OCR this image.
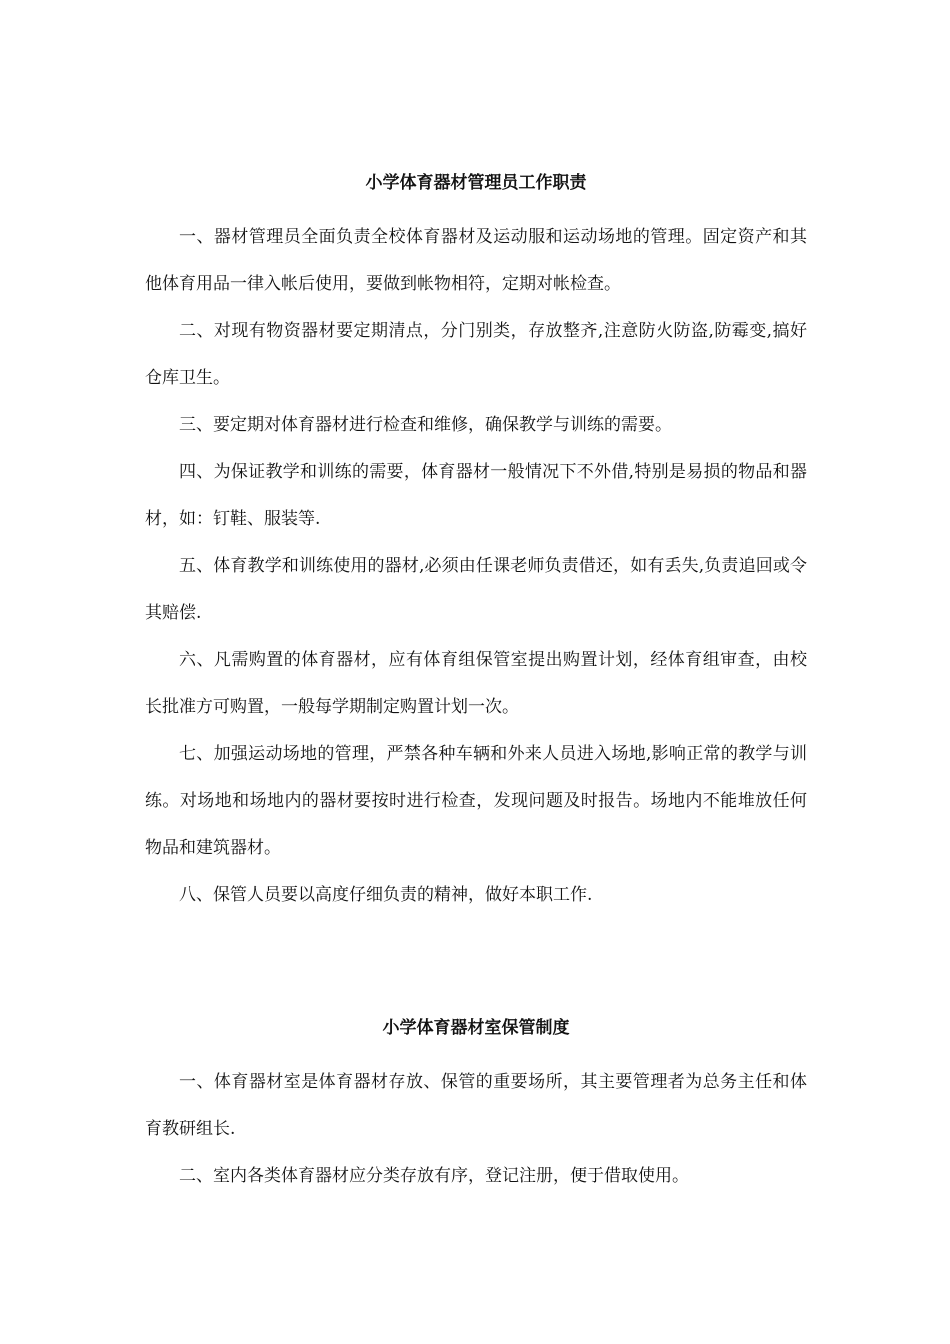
小学体育器材管理员工作职责

一、器材管理员全面负责全校体育器材及运动服和运动场地的管理。固定资产和其他体育用品一律入帐后使用，要做到帐物相符，定期对帐检查。

二、对现有物资器材要定期清点，分门别类，存放整齐,注意防火防盗,防霉变,搞好仓库卫生。

三、要定期对体育器材进行检查和维修，确保教学与训练的需要。

四、为保证教学和训练的需要，体育器材一般情况下不外借,特别是易损的物品和器材，如：钉鞋、服装等.

五、体育教学和训练使用的器材,必须由任课老师负责借还，如有丢失,负责追回或令其赔偿.

六、凡需购置的体育器材，应有体育组保管室提出购置计划，经体育组审查，由校长批准方可购置，一般每学期制定购置计划一次。

七、加强运动场地的管理，严禁各种车辆和外来人员进入场地,影响正常的教学与训练。对场地和场地内的器材要按时进行检查，发现问题及时报告。场地内不能堆放任何物品和建筑器材。

八、保管人员要以高度仔细负责的精神，做好本职工作.

小学体育器材室保管制度

一、体育器材室是体育器材存放、保管的重要场所，其主要管理者为总务主任和体育教研组长.

二、室内各类体育器材应分类存放有序，登记注册，便于借取使用。
